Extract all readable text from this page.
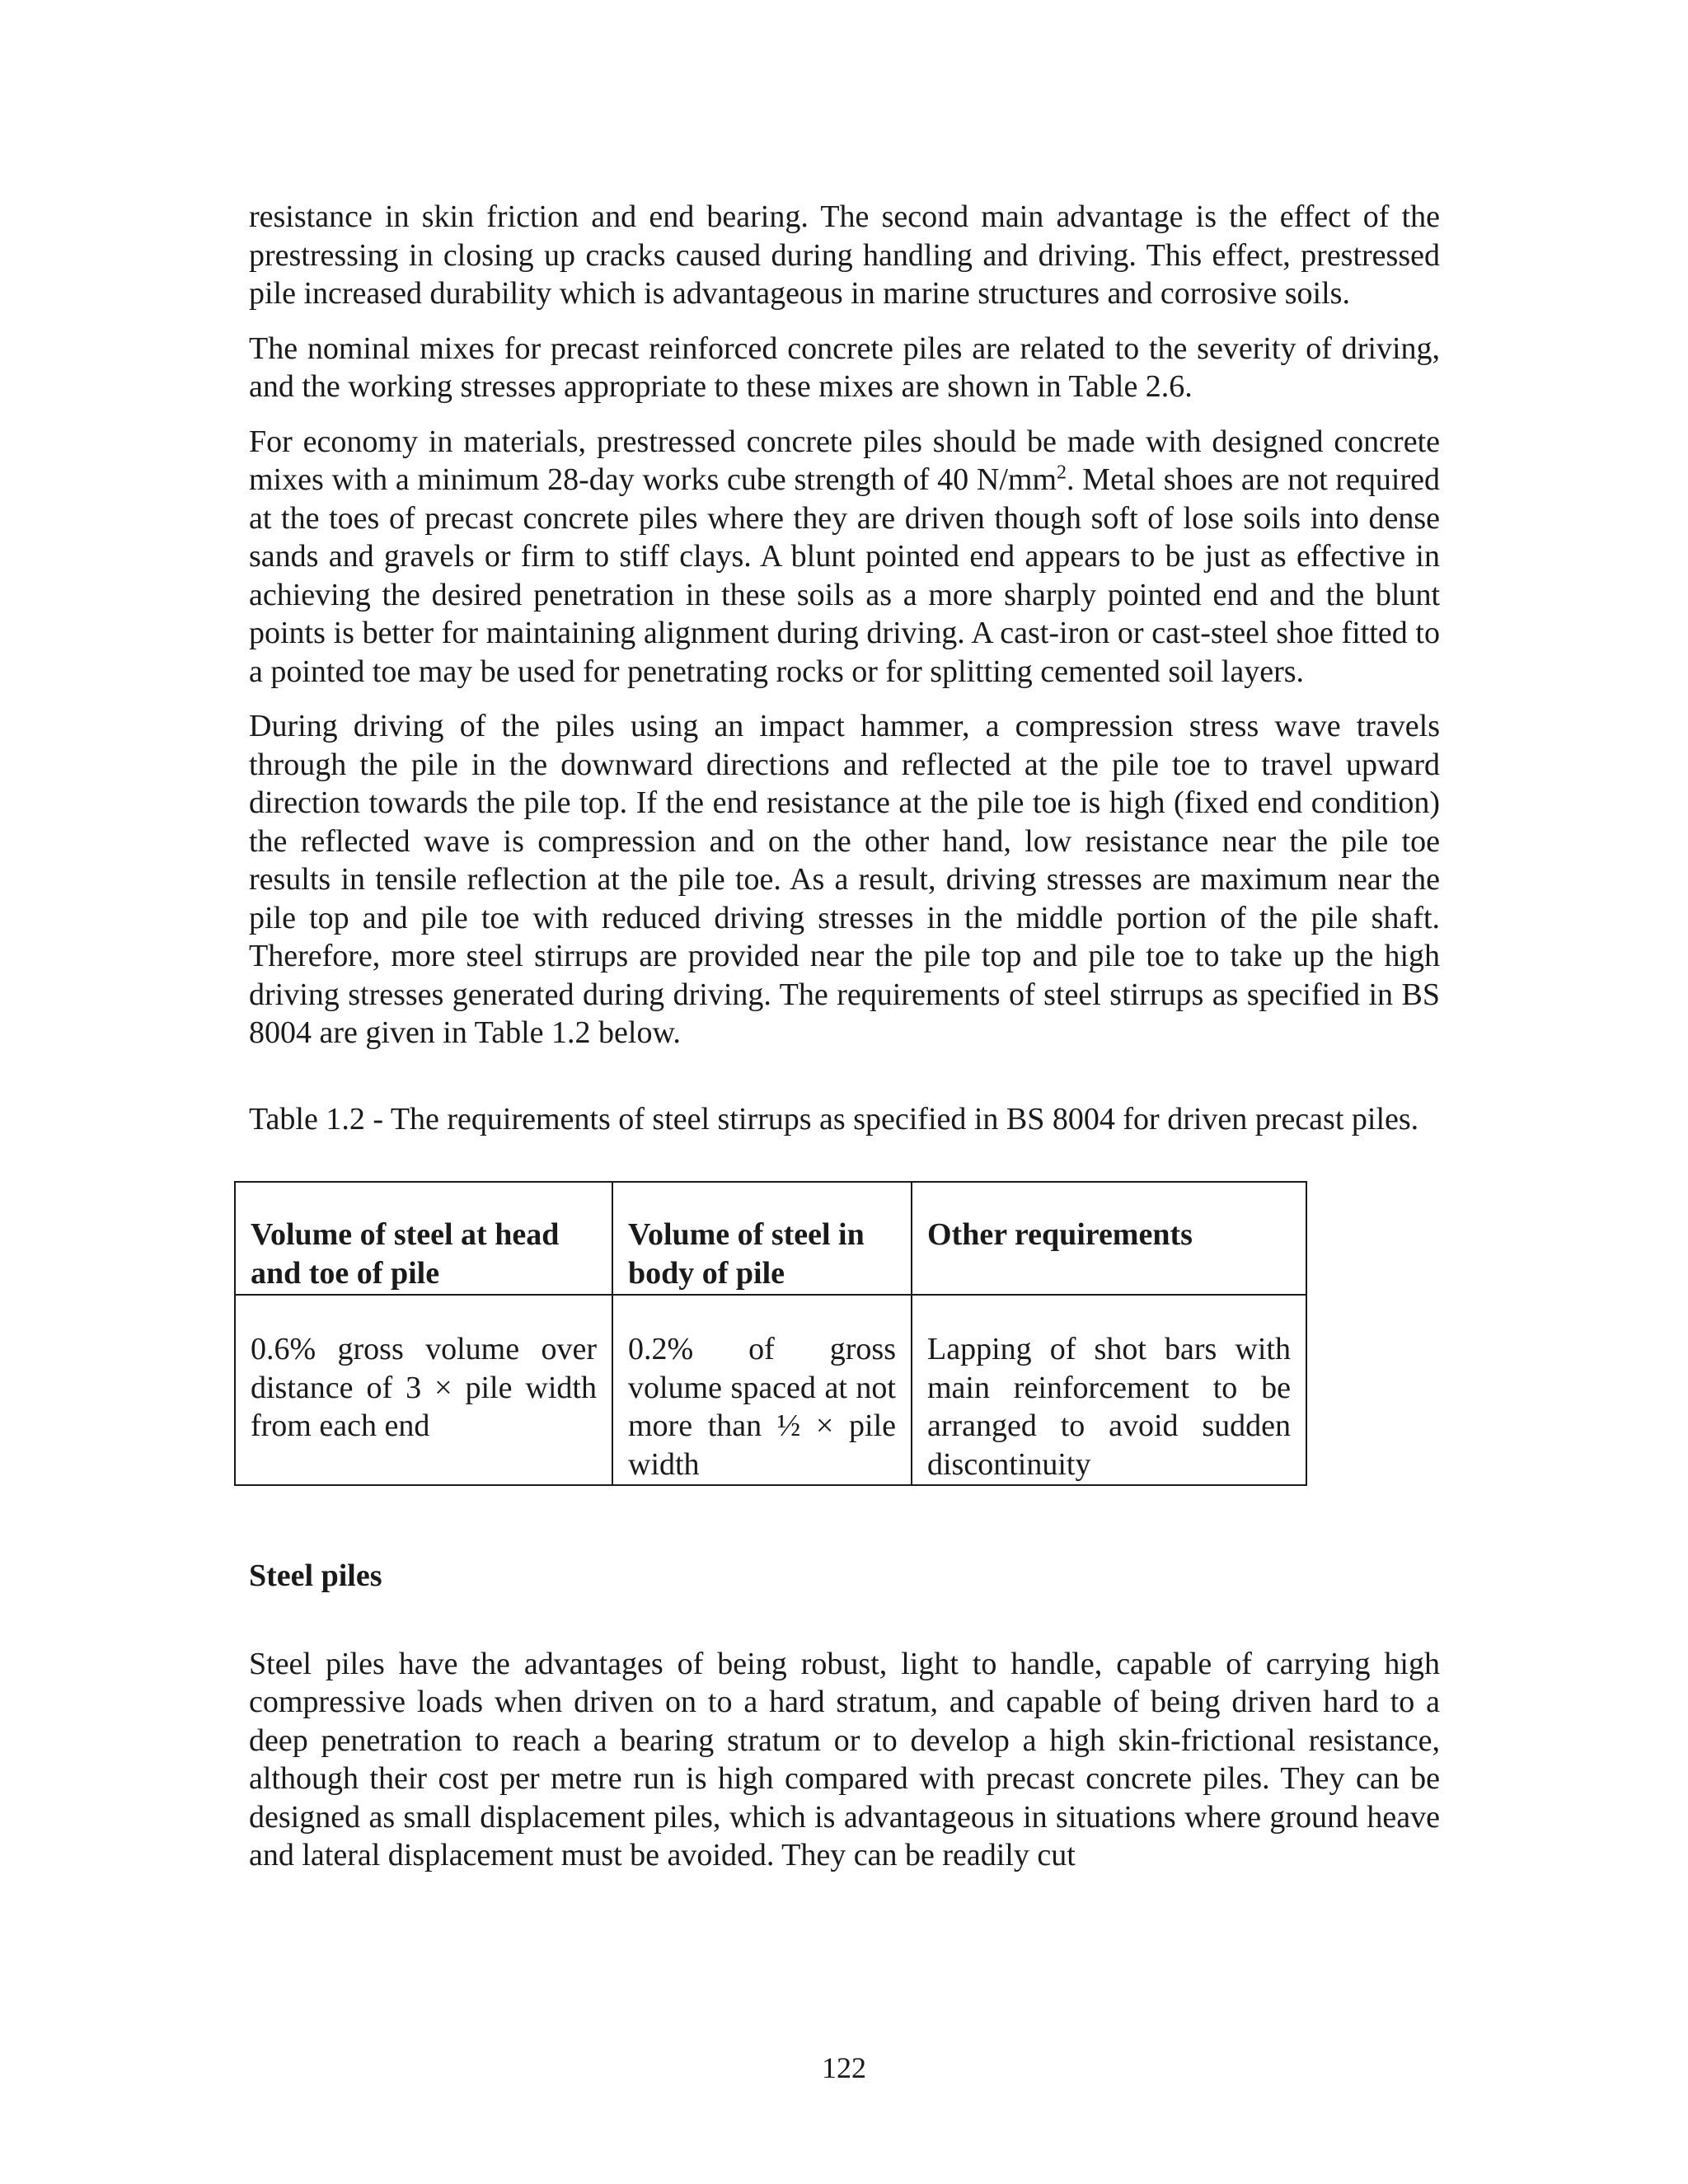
resistance in skin friction and end bearing. The second main advantage is the effect of the prestressing in closing up cracks caused during handling and driving. This effect, prestressed pile increased durability which is advantageous in marine structures and corrosive soils.

The nominal mixes for precast reinforced concrete piles are related to the severity of driving, and the working stresses appropriate to these mixes are shown in Table 2.6.

For economy in materials, prestressed concrete piles should be made with designed concrete mixes with a minimum 28-day works cube strength of 40 $N/mm^2$. Metal shoes are not required at the toes of precast concrete piles where they are driven though soft of lose soils into dense sands and gravels or firm to stiff clays. A blunt pointed end appears to be just as effective in achieving the desired penetration in these soils as a more sharply pointed end and the blunt points is better for maintaining alignment during driving. A cast-iron or cast-steel shoe fitted to a pointed toe may be used for penetrating rocks or for splitting cemented soil layers.

During driving of the piles using an impact hammer, a compression stress wave travels through the pile in the downward directions and reflected at the pile toe to travel upward direction towards the pile top. If the end resistance at the pile toe is high (fixed end condition) the reflected wave is compression and on the other hand, low resistance near the pile toe results in tensile reflection at the pile toe. As a result, driving stresses are maximum near the pile top and pile toe with reduced driving stresses in the middle portion of the pile shaft. Therefore, more steel stirrups are provided near the pile top and pile toe to take up the high driving stresses generated during driving. The requirements of steel stirrups as specified in BS 8004 are given in Table 1.2 below.

Table 1.2 - The requirements of steel stirrups as specified in BS 8004 for driven precast piles.

Volume of steel at head and toe of pile	Volume of steel in body of pile	Other requirements
0.6% gross volume over distance of 3 × pile width from each end	0.2% of gross volume spaced at not more than ½ × pile width	Lapping of shot bars with main reinforcement to be arranged to avoid sudden discontinuity
Steel piles

Steel piles have the advantages of being robust, light to handle, capable of carrying high compressive loads when driven on to a hard stratum, and capable of being driven hard to a deep penetration to reach a bearing stratum or to develop a high skin-frictional resistance, although their cost per metre run is high compared with precast concrete piles. They can be designed as small displacement piles, which is advantageous in situations where ground heave and lateral displacement must be avoided. They can be readily cut

122
